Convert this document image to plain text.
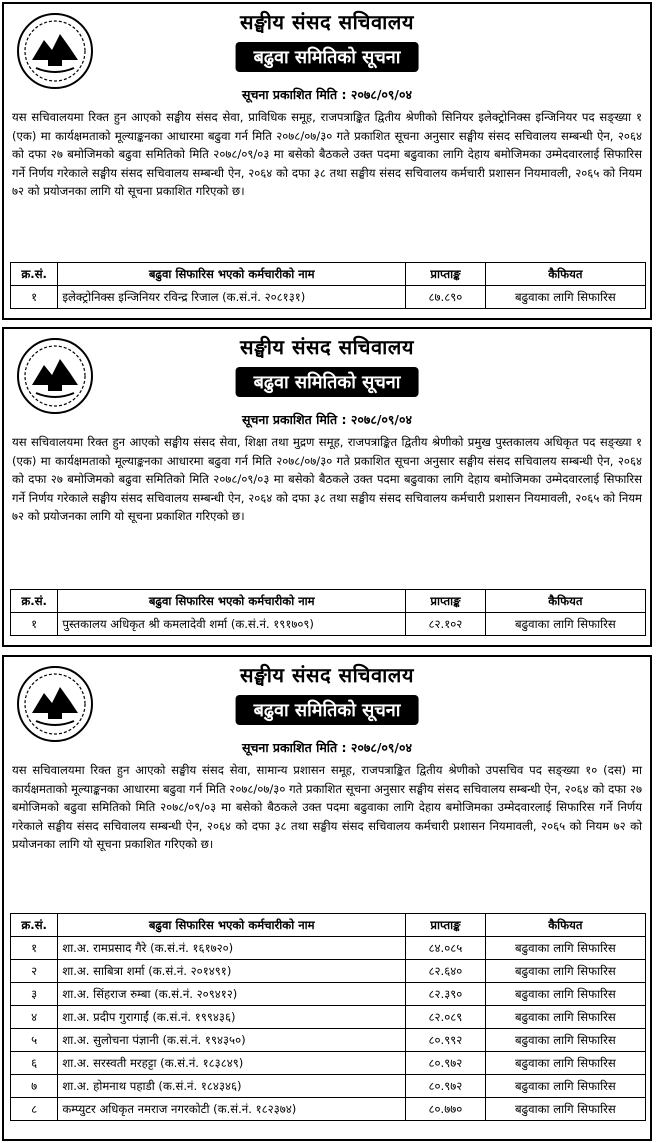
सङ्घीय संसद सचिवालय
बढुवा समितिको सूचना
सूचना प्रकाशित मिति : २०७८/०९/०४
यस सचिवालयमा रिक्त हुन आएको सङ्घीय संसद सेवा, प्राविधिक समूह, राजपत्राङ्कित द्वितीय श्रेणीको सिनियर इलेक्ट्रोनिक्स इन्जिनियर पद सङ्ख्या १ (एक) मा कार्यक्षमताको मूल्याङ्कनका आधारमा बढुवा गर्न मिति २०७८/०७/३० गते प्रकाशित सूचना अनुसार सङ्घीय संसद सचिवालय सम्बन्धी ऐन, २०६४ को दफा २७ बमोजिमको बढुवा समितिको मिति २०७८/०९/०३ मा बसेको बैठकले उक्त पदमा बढुवाका लागि देहाय बमोजिमका उम्मेदवारलाई सिफारिस गर्ने निर्णय गरेकाले सङ्घीय संसद सचिवालय सम्बन्धी ऐन, २०६४ को दफा ३८ तथा सङ्घीय संसद सचिवालय कर्मचारी प्रशासन नियमावली, २०६५ को नियम ७२ को प्रयोजनका लागि यो सूचना प्रकाशित गरिएको छ।
क्र.सं.	बढुवा सिफारिस भएको कर्मचारीको नाम	प्राप्ताङ्क	कैफियत
१	इलेक्ट्रोनिक्स इन्जिनियर रविन्द्र रिजाल (क.सं.नं. २०८१३१)	८७.८९०	बढुवाका लागि सिफारिस
सङ्घीय संसद सचिवालय
बढुवा समितिको सूचना
सूचना प्रकाशित मिति : २०७८/०९/०४
यस सचिवालयमा रिक्त हुन आएको सङ्घीय संसद सेवा, शिक्षा तथा मुद्रण समूह, राजपत्राङ्कित द्वितीय श्रेणीको प्रमुख पुस्तकालय अधिकृत पद सङ्ख्या १ (एक) मा कार्यक्षमताको मूल्याङ्कनका आधारमा बढुवा गर्न मिति २०७८/०७/३० गते प्रकाशित सूचना अनुसार सङ्घीय संसद सचिवालय सम्बन्धी ऐन, २०६४ को दफा २७ बमोजिमको बढुवा समितिको मिति २०७८/०९/०३ मा बसेको बैठकले उक्त पदमा बढुवाका लागि देहाय बमोजिमका उम्मेदवारलाई सिफारिस गर्ने निर्णय गरेकाले सङ्घीय संसद सचिवालय सम्बन्धी ऐन, २०६४ को दफा ३८ तथा सङ्घीय संसद सचिवालय कर्मचारी प्रशासन नियमावली, २०६५ को नियम ७२ को प्रयोजनका लागि यो सूचना प्रकाशित गरिएको छ।
क्र.सं.	बढुवा सिफारिस भएको कर्मचारीको नाम	प्राप्ताङ्क	कैफियत
१	पुस्तकालय अधिकृत श्री कमलादेवी शर्मा (क.सं.नं. १९१७०९)	८२.१०२	बढुवाका लागि सिफारिस
सङ्घीय संसद सचिवालय
बढुवा समितिको सूचना
सूचना प्रकाशित मिति : २०७८/०९/०४
यस सचिवालयमा रिक्त हुन आएको सङ्घीय संसद सेवा, सामान्य प्रशासन समूह, राजपत्राङ्कित द्वितीय श्रेणीको उपसचिव पद सङ्ख्या १० (दस) मा कार्यक्षमताको मूल्याङ्कनका आधारमा बढुवा गर्न मिति २०७८/०७/३० गते प्रकाशित सूचना अनुसार सङ्घीय संसद सचिवालय सम्बन्धी ऐन, २०६४ को दफा २७ बमोजिमको बढुवा समितिको मिति २०७८/०९/०३ मा बसेको बैठकले उक्त पदमा बढुवाका लागि देहाय बमोजिमका उम्मेदवारलाई सिफारिस गर्ने निर्णय गरेकाले सङ्घीय संसद सचिवालय सम्बन्धी ऐन, २०६४ को दफा ३८ तथा सङ्घीय संसद सचिवालय कर्मचारी प्रशासन नियमावली, २०६५ को नियम ७२ को प्रयोजनका लागि यो सूचना प्रकाशित गरिएको छ।
क्र.सं.	बढुवा सिफारिस भएको कर्मचारीको नाम	प्राप्ताङ्क	कैफियत
१	शा.अ. रामप्रसाद गैरे (क.सं.नं. १६१७२०)	८४.०८५	बढुवाका लागि सिफारिस
२	शा.अ. साबित्रा शर्मा (क.सं.नं. २०१४९१)	८२.६४०	बढुवाका लागि सिफारिस
३	शा.अ. सिंहराज रुम्बा (क.सं.नं. २०९४१२)	८२.३९०	बढुवाका लागि सिफारिस
४	शा.अ. प्रदीप गुरागाईं (क.सं.नं. १९९४३६)	८२.०८९	बढुवाका लागि सिफारिस
५	शा.अ. सुलोचना पंज्ञानी (क.सं.नं. १९४३५०)	८०.९९२	बढुवाका लागि सिफारिस
६	शा.अ. सरस्वती मरहट्टा (क.सं.नं. १८३८४९)	८०.९७२	बढुवाका लागि सिफारिस
७	शा.अ. होमनाथ पहाडी (क.सं.नं. १८४३४६)	८०.९७२	बढुवाका लागि सिफारिस
८	कम्प्युटर अधिकृत नमराज नगरकोटी (क.सं.नं. १८२३७४)	८०.७७०	बढुवाका लागि सिफारिस
